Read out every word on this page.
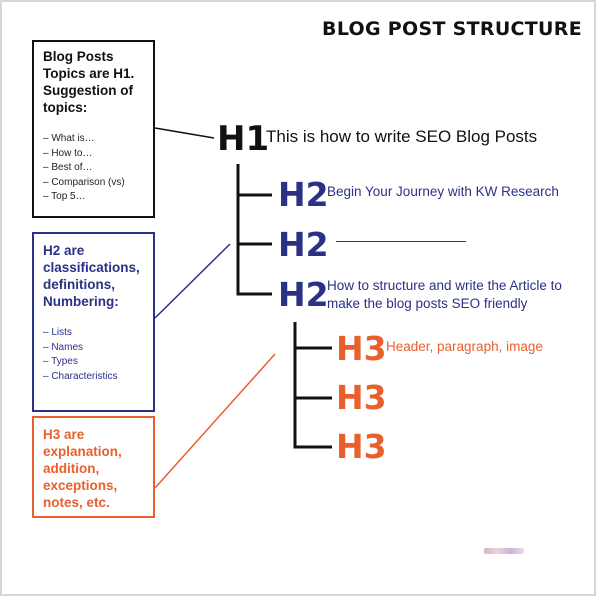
BLOG POST STRUCTURE

Blog Posts Topics are H1. Suggestion of topics:

– What is…
– How to…
– Best of…
– Comparison (vs)
– Top 5…

H2 are classifications, definitions, Numbering:

– Lists
– Names
– Types
– Characteristics

H3 are explanation, addition, exceptions, notes, etc.

H1
This is how to write SEO Blog Posts
H2
Begin Your Journey with KW Research
H2
H2
How to structure and write the Article to make the blog posts SEO friendly
H3 Header, paragraph, image
H3
H3
